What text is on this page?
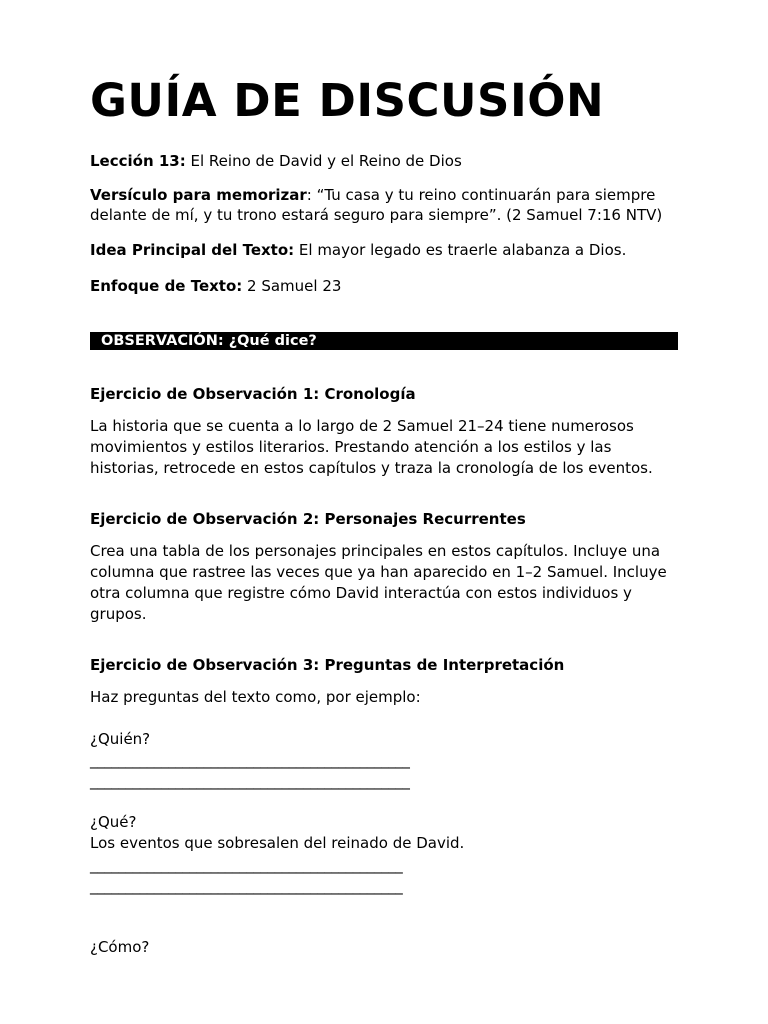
GUÍA DE DISCUSIÓN
Lección 13: El Reino de David y el Reino de Dios
Versículo para memorizar: “Tu casa y tu reino continuarán para siempre
delante de mí, y tu trono estará seguro para siempre”. (2 Samuel 7:16 NTV)
Idea Principal del Texto: El mayor legado es traerle alabanza a Dios.
Enfoque de Texto: 2 Samuel 23
OBSERVACIÓN: ¿Qué dice?
Ejercicio de Observación 1: Cronología
La historia que se cuenta a lo largo de 2 Samuel 21–24 tiene numerosos
movimientos y estilos literarios. Prestando atención a los estilos y las
historias, retrocede en estos capítulos y traza la cronología de los eventos.
Ejercicio de Observación 2: Personajes Recurrentes
Crea una tabla de los personajes principales en estos capítulos. Incluye una
columna que rastree las veces que ya han aparecido en 1–2 Samuel. Incluye
otra columna que registre cómo David interactúa con estos individuos y
grupos.
Ejercicio de Observación 3: Preguntas de Interpretación
Haz preguntas del texto como, por ejemplo:
¿Quién?
_____________________________________________
_____________________________________________
¿Qué?
Los eventos que sobresalen del reinado de David.
____________________________________________
____________________________________________
¿Cómo?
